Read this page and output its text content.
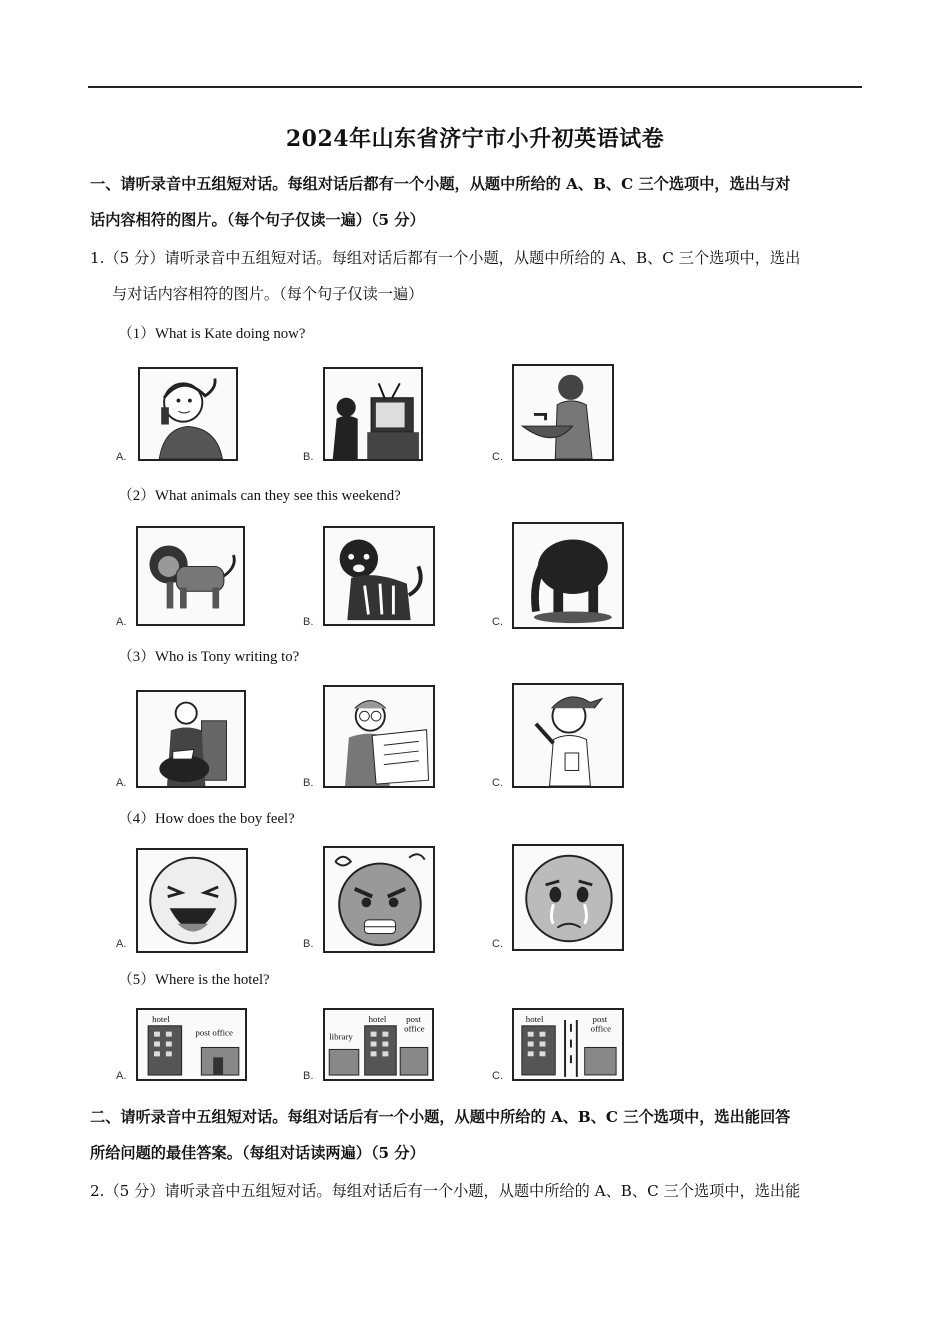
2024年山东省济宁市小升初英语试卷
一、请听录音中五组短对话。每组对话后都有一个小题，从题中所给的 A、B、C 三个选项中，选出与对
话内容相符的图片。（每个句子仅读一遍）（5 分）
1.（5 分）请听录音中五组短对话。每组对话后都有一个小题，从题中所给的 A、B、C 三个选项中，选出
与对话内容相符的图片。（每个句子仅读一遍）
（1）What is Kate doing now?
A.	B.	C.
（2）What animals can they see this weekend?
A.	B.	C.
（3）Who is Tony writing to?
A.	B.	C.
（4）How does the boy feel?
A.	B.	C.
（5）Where is the hotel?
A.
hotel
post office
B.
library
hotel post
office
C.
hotel	post
office
二、请听录音中五组短对话。每组对话后有一个小题，从题中所给的 A、B、C 三个选项中，选出能回答
所给问题的最佳答案。（每组对话读两遍）（5 分）
2.（5 分）请听录音中五组短对话。每组对话后有一个小题，从题中所给的 A、B、C 三个选项中，选出能
